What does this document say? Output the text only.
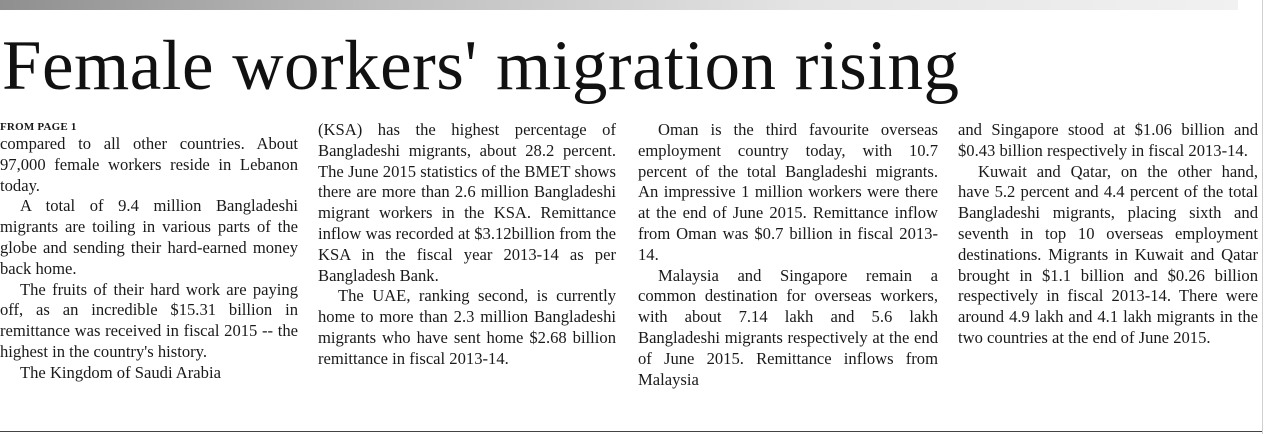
Female workers' migration rising
FROM PAGE 1

compared to all other countries. About 97,000 female workers reside in Lebanon today.

A total of 9.4 million Bangladeshi migrants are toiling in various parts of the globe and sending their hard-earned money back home.

The fruits of their hard work are paying off, as an incredible $15.31 billion in remittance was received in fiscal 2015 -- the highest in the country's history.

The Kingdom of Saudi Arabia

(KSA) has the highest percentage of Bangladeshi migrants, about 28.2 percent. The June 2015 statistics of the BMET shows there are more than 2.6 million Bangladeshi migrant workers in the KSA. Remittance inflow was recorded at $3.12billion from the KSA in the fiscal year 2013-14 as per Bangladesh Bank.

The UAE, ranking second, is currently home to more than 2.3 million Bangladeshi migrants who have sent home $2.68 billion remittance in fiscal 2013-14.

Oman is the third favourite overseas employment country today, with 10.7 percent of the total Bangladeshi migrants. An impressive 1 million workers were there at the end of June 2015. Remittance inflow from Oman was $0.7 billion in fiscal 2013-14.

Malaysia and Singapore remain a common destination for overseas workers, with about 7.14 lakh and 5.6 lakh Bangladeshi migrants respectively at the end of June 2015. Remittance inflows from Malaysia

and Singapore stood at $1.06 billion and $0.43 billion respectively in fiscal 2013-14.

Kuwait and Qatar, on the other hand, have 5.2 percent and 4.4 percent of the total Bangladeshi migrants, placing sixth and seventh in top 10 overseas employment destinations. Migrants in Kuwait and Qatar brought in $1.1 billion and $0.26 billion respectively in fiscal 2013-14. There were around 4.9 lakh and 4.1 lakh migrants in the two countries at the end of June 2015.
